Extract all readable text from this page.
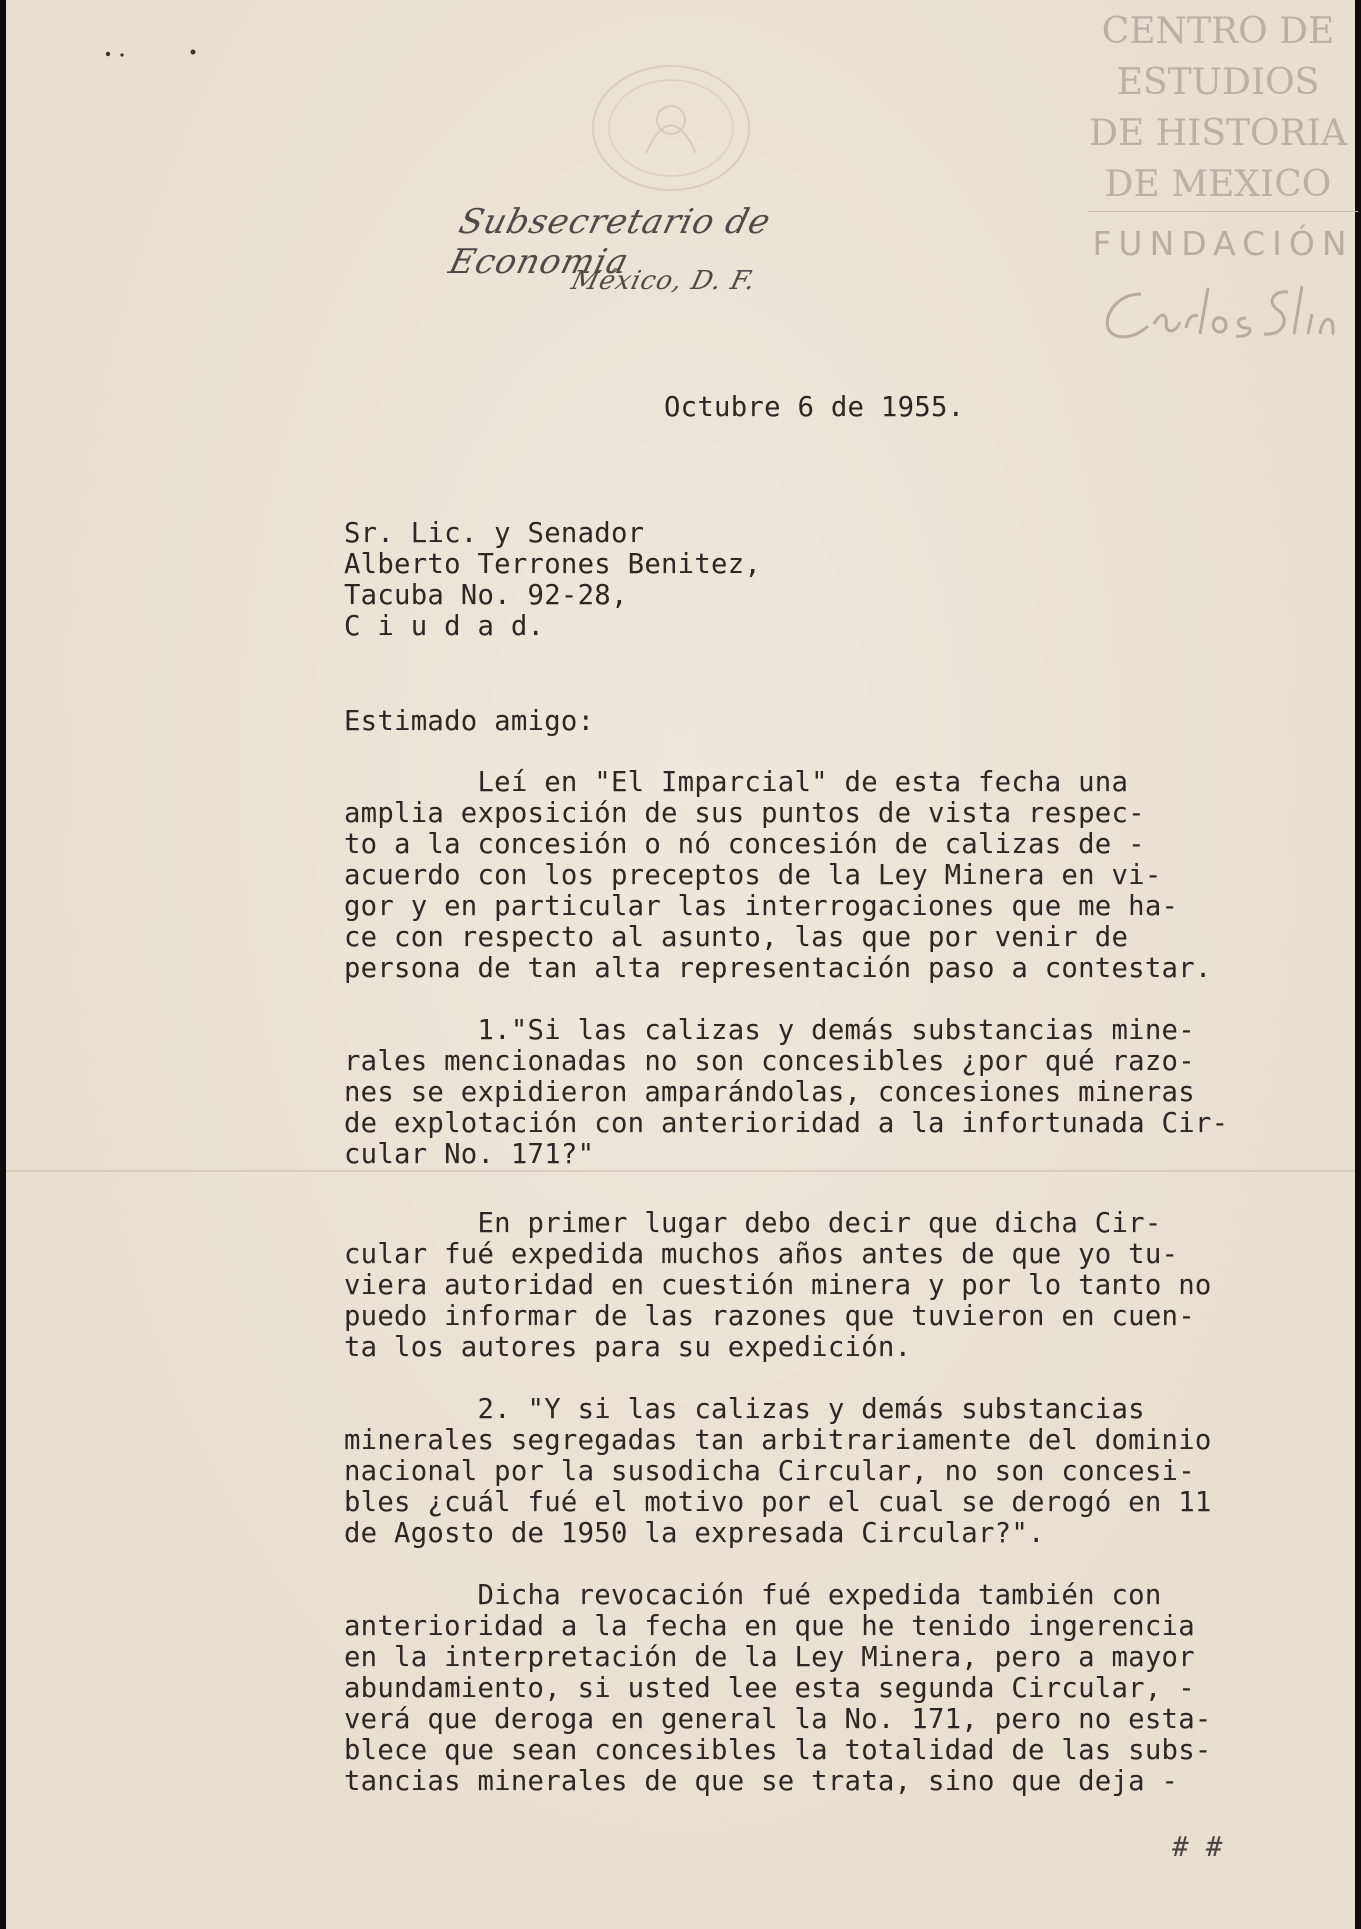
CENTRO DE
ESTUDIOS
DE HISTORIA
DE MEXICO
FUNDACIÓN
Subsecretario de Economia
México, D. F.
Octubre 6 de 1955.
Sr. Lic. y Senador
Alberto Terrones Benitez,
Tacuba No. 92-28,
C i u d a d.
Estimado amigo:
Leí en "El Imparcial" de esta fecha una
amplia exposición de sus puntos de vista respec-
to a la concesión o nó concesión de calizas de -
acuerdo con los preceptos de la Ley Minera en vi-
gor y en particular las interrogaciones que me ha-
ce con respecto al asunto, las que por venir de
persona de tan alta representación paso a contestar.
1."Si las calizas y demás substancias mine-
rales mencionadas no son concesibles ¿por qué razo-
nes se expidieron amparándolas, concesiones mineras
de explotación con anterioridad a la infortunada Cir-
cular No. 171?"
En primer lugar debo decir que dicha Cir-
cular fué expedida muchos años antes de que yo tu-
viera autoridad en cuestión minera y por lo tanto no
puedo informar de las razones que tuvieron en cuen-
ta los autores para su expedición.
2. "Y si las calizas y demás substancias
minerales segregadas tan arbitrariamente del dominio
nacional por la susodicha Circular, no son concesi-
bles ¿cuál fué el motivo por el cual se derogó en 11
de Agosto de 1950 la expresada Circular?".
Dicha revocación fué expedida también con
anterioridad a la fecha en que he tenido ingerencia
en la interpretación de la Ley Minera, pero a mayor
abundamiento, si usted lee esta segunda Circular, -
verá que deroga en general la No. 171, pero no esta-
blece que sean concesibles la totalidad de las subs-
tancias minerales de que se trata, sino que deja -
# #
